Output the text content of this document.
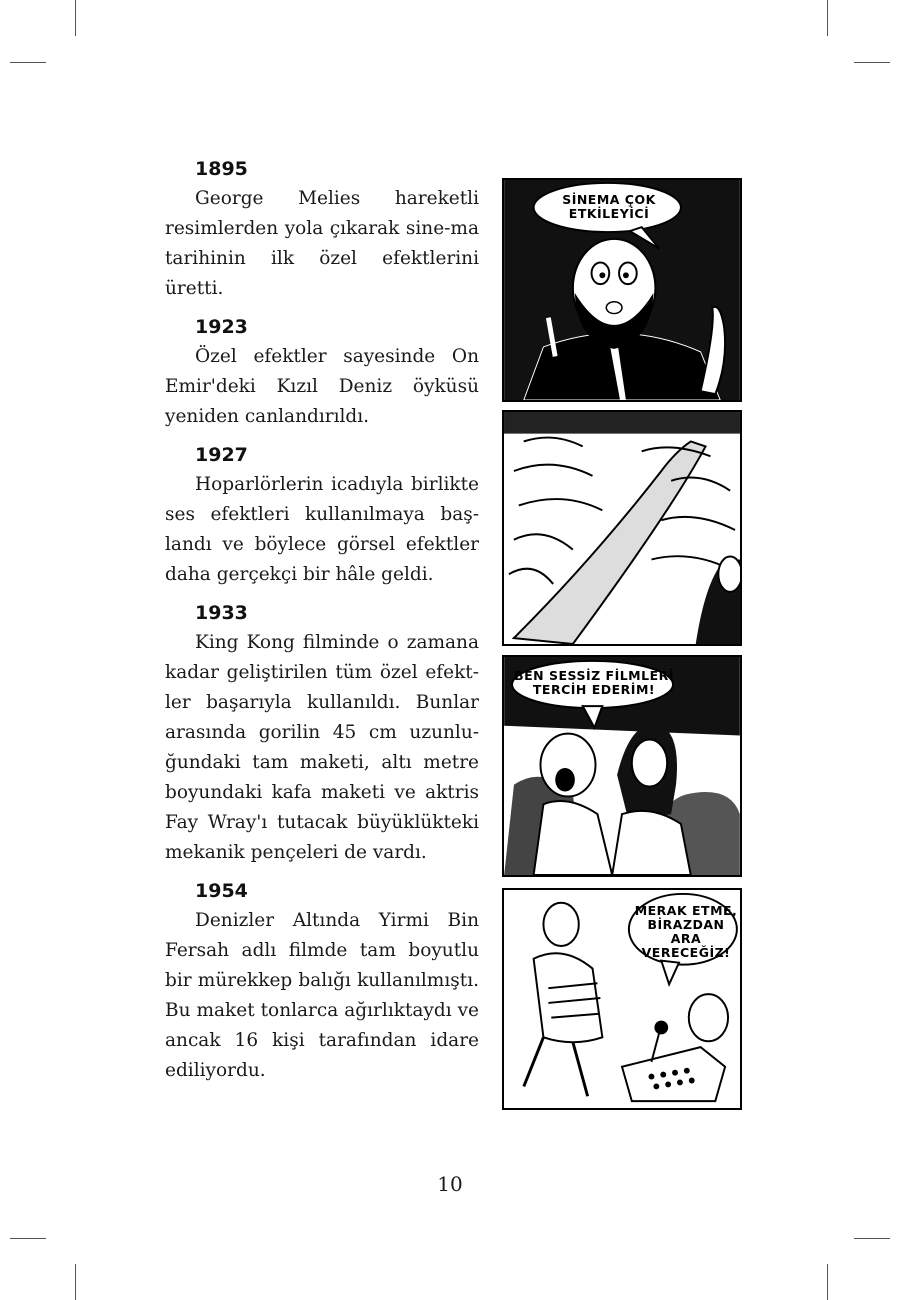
1895

George Melies hareketli resimlerden yola çıkarak sine-ma tarihinin ilk özel efektlerini üretti.

1923

Özel efektler sayesinde On Emir'deki Kızıl Deniz öyküsü yeniden canlandırıldı.

1927

Hoparlörlerin icadıyla birlikte ses efektleri kullanılmaya baş-landı ve böylece görsel efektler daha gerçekçi bir hâle geldi.

1933

King Kong filminde o zamana kadar geliştirilen tüm özel efekt-ler başarıyla kullanıldı. Bunlar arasında gorilin 45 cm uzunlu-ğundaki tam maketi, altı metre boyundaki kafa maketi ve aktris Fay Wray'ı tutacak büyüklükteki mekanik pençeleri de vardı.

1954

Denizler Altında Yirmi Bin Fersah adlı filmde tam boyutlu bir mürekkep balığı kullanılmıştı. Bu maket tonlarca ağırlıktaydı ve ancak 16 kişi tarafından idare ediliyordu.

SİNEMA ÇOK
ETKİLEYİCİ
BEN SESSİZ FİLMLERİ
TERCİH EDERİM!
MERAK ETME,
BİRAZDAN ARA
VERECEĞİZ!
10
